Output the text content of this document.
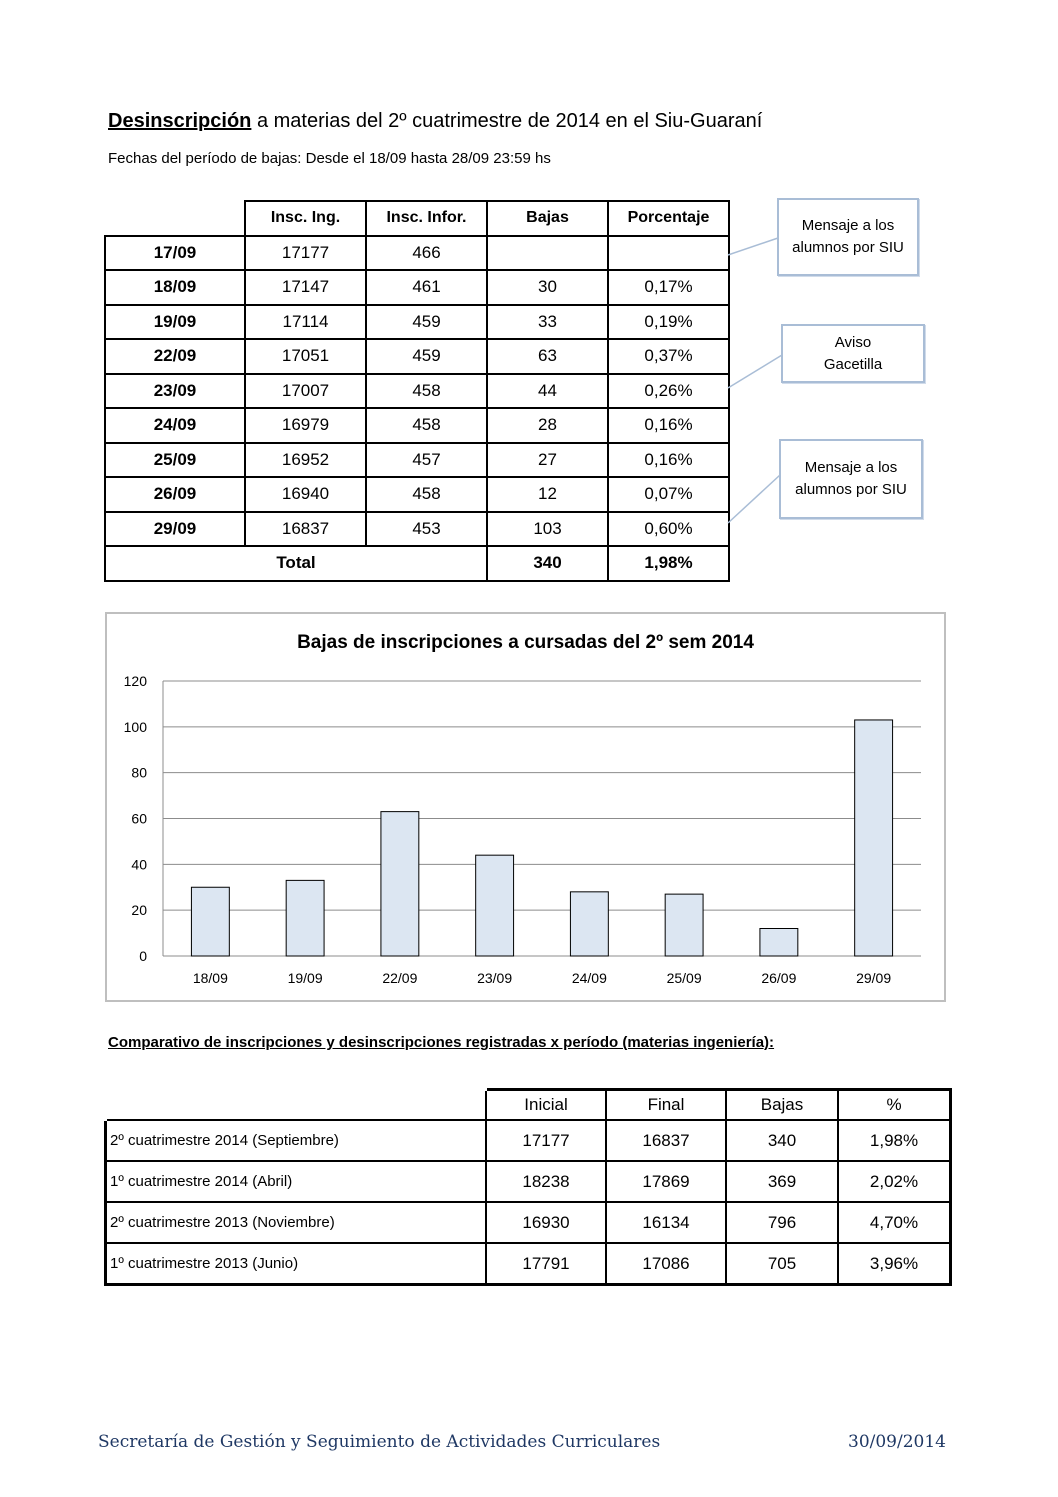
Desinscripción a materias del 2º cuatrimestre de 2014 en el Siu-Guaraní
Fechas del período de bajas: Desde el 18/09 hasta 28/09 23:59 hs
	Insc. Ing.	Insc. Infor.	Bajas	Porcentaje
17/09	17177	466		
18/09	17147	461	30	0,17%
19/09	17114	459	33	0,19%
22/09	17051	459	63	0,37%
23/09	17007	458	44	0,26%
24/09	16979	458	28	0,16%
25/09	16952	457	27	0,16%
26/09	16940	458	12	0,07%
29/09	16837	453	103	0,60%
Total			340	1,98%
Mensaje a los alumnos por SIU
Aviso Gacetilla
Mensaje a los alumnos por SIU
Bajas de inscripciones a cursadas del 2º sem 2014
0
20
40
60
80
100
120
18/09	19/09	22/09	23/09	24/09	25/09	26/09	29/09
Comparativo de inscripciones y desinscripciones registradas x período (materias ingeniería):
	Inicial	Final	Bajas	%
2º cuatrimestre 2014 (Septiembre)	17177	16837	340	1,98%
1º cuatrimestre 2014 (Abril)	18238	17869	369	2,02%
2º cuatrimestre 2013 (Noviembre)	16930	16134	796	4,70%
1º cuatrimestre 2013 (Junio)	17791	17086	705	3,96%
Secretaría de Gestión y Seguimiento de Actividades Curriculares	30/09/2014
